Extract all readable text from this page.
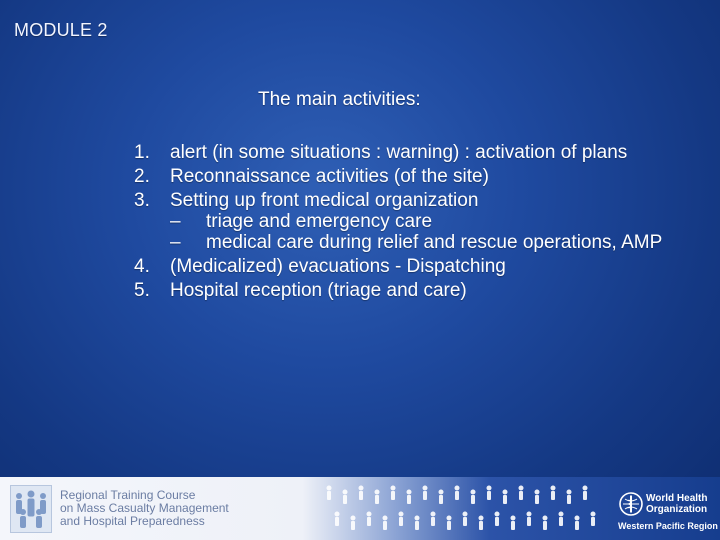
MODULE 2
The main activities:
1. alert (in some situations : warning) : activation of plans
2. Reconnaissance activities (of the site)
3. Setting up front medical organization
– triage and emergency care
– medical care during relief and rescue operations, AMP
4. (Medicalized) evacuations - Dispatching
5. Hospital reception (triage and care)
Regional Training Course
on Mass Casualty Management
and Hospital Preparedness
World Health
Organization
Western Pacific Region
